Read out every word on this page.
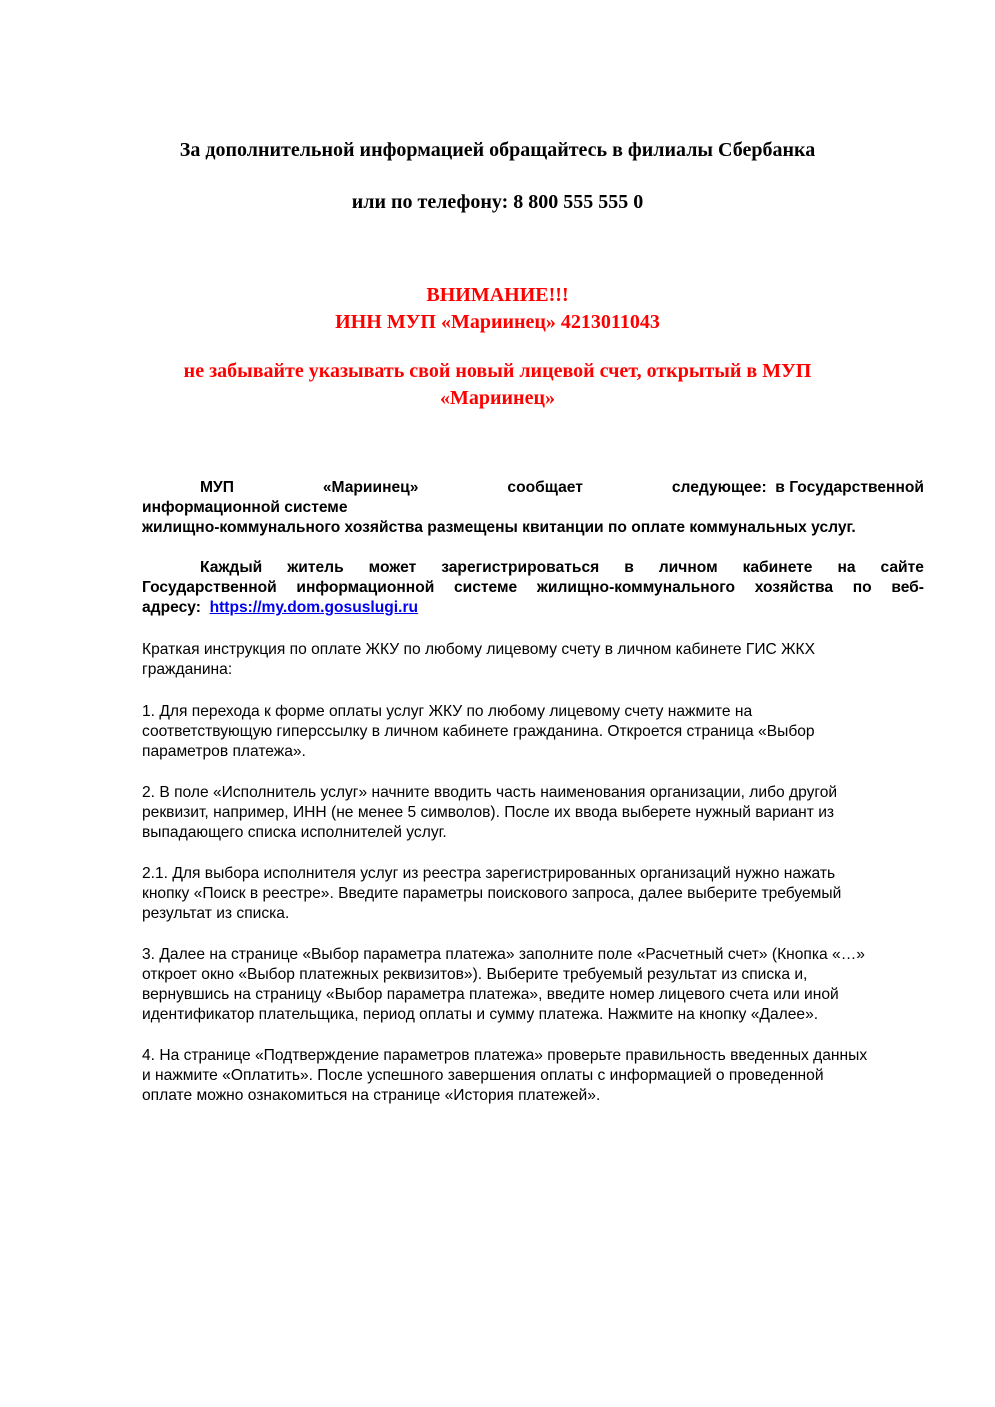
За дополнительной информацией обращайтесь в филиалы Сбербанка
или по телефону: 8 800 555 555 0
ВНИМАНИЕ!!!
ИНН МУП «Мариинец» 4213011043
не забывайте указывать свой новый лицевой счет, открытый в МУП
«Мариинец»
МУП	«Мариинец»	сообщает	следующее:  в Государственной
информационной системе
жилищно-коммунального хозяйства размещены квитанции по оплате коммунальных услуг.
Каждый житель может зарегистрироваться в личном кабинете на сайте
Государственной информационной системе жилищно-коммунального хозяйства по веб-
адресу: https://my.dom.gosuslugi.ru
Краткая инструкция по оплате ЖКУ по любому лицевому счету в личном кабинете ГИС ЖКХ
гражданина:
1. Для перехода к форме оплаты услуг ЖКУ по любому лицевому счету нажмите на
соответствующую гиперссылку в личном кабинете гражданина. Откроется страница «Выбор
параметров платежа».
2. В поле «Исполнитель услуг» начните вводить часть наименования организации, либо другой
реквизит, например, ИНН (не менее 5 символов). После их ввода выберете нужный вариант из
выпадающего списка исполнителей услуг.
2.1. Для выбора исполнителя услуг из реестра зарегистрированных организаций нужно нажать
кнопку «Поиск в реестре». Введите параметры поискового запроса, далее выберите требуемый
результат из списка.
3. Далее на странице «Выбор параметра платежа» заполните поле «Расчетный счет» (Кнопка «…»
откроет окно «Выбор платежных реквизитов»). Выберите требуемый результат из списка и,
вернувшись на страницу «Выбор параметра платежа», введите номер лицевого счета или иной
идентификатор плательщика, период оплаты и сумму платежа. Нажмите на кнопку «Далее».
4. На странице «Подтверждение параметров платежа» проверьте правильность введенных данных
и нажмите «Оплатить». После успешного завершения оплаты с информацией о проведенной
оплате можно ознакомиться на странице «История платежей».
